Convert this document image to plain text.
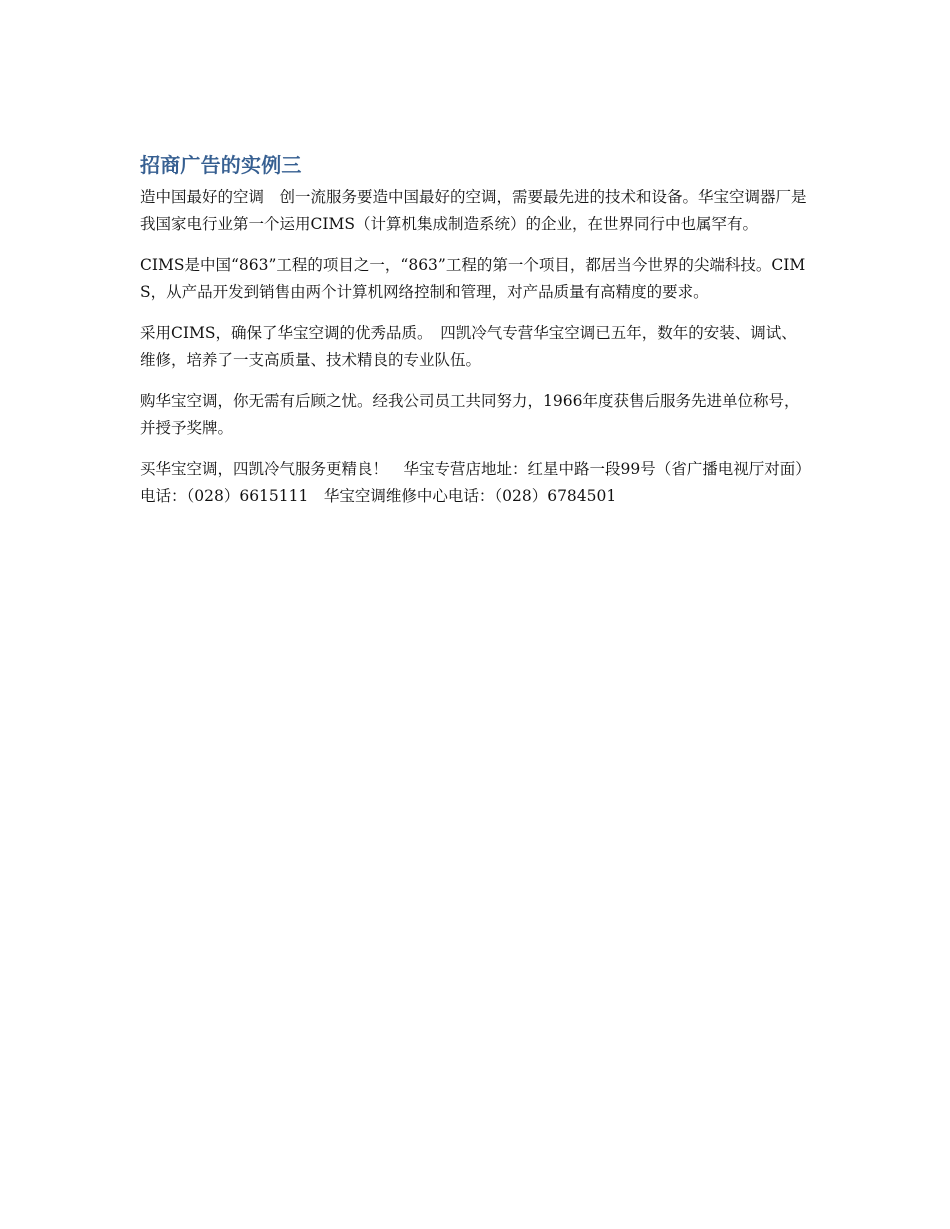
招商广告的实例三

造中国最好的空调　创一流服务要造中国最好的空调，需要最先进的技术和设备。华宝空调器厂是我国家电行业第一个运用CIMS（计算机集成制造系统）的企业，在世界同行中也属罕有。

CIMS是中国“863”工程的项目之一，“863”工程的第一个项目，都居当今世界的尖端科技。CIMS，从产品开发到销售由两个计算机网络控制和管理，对产品质量有高精度的要求。

采用CIMS，确保了华宝空调的优秀品质。　四凯冷气专营华宝空调已五年，数年的安装、调试、维修，培养了一支高质量、技术精良的专业队伍。

购华宝空调，你无需有后顾之忧。经我公司员工共同努力，1966年度获售后服务先进单位称号，并授予奖牌。

买华宝空调，四凯冷气服务更精良！　华宝专营店地址：红星中路一段99号（省广播电视厅对面）电话：（028）6615111　华宝空调维修中心电话：（028）6784501
